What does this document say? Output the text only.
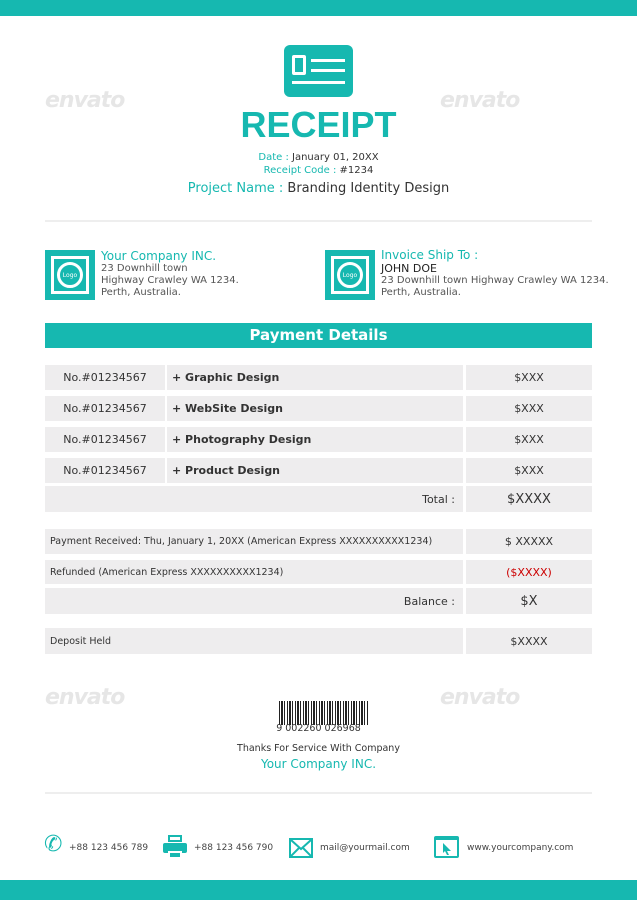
envato	envato
envato	envato
RECEIPT
Date : January 01, 20XX
Receipt Code : #1234
Project Name : Branding Identity Design
Logo
Your Company INC.
23 Downhill town
Highway Crawley WA 1234.
Perth, Australia.
Logo
Invoice Ship To :
JOHN DOE
23 Downhill town Highway Crawley WA 1234.
Perth, Australia.
Payment Details
No.#01234567	+ Graphic Design	$XXX
No.#01234567	+ WebSite Design	$XXX
No.#01234567	+ Photography Design	$XXX
No.#01234567	+ Product Design	$XXX
Total :	$XXXX
Payment Received: Thu, January 1, 20XX (American Express XXXXXXXXXX1234)	$ XXXXX
Refunded (American Express XXXXXXXXXX1234)	($XXXX)
Balance :	$X
Deposit Held	$XXXX
9 002260 026968
Thanks For Service With Company
Your Company INC.
✆ +88 123 456 789	+88 123 456 790	mail@yourmail.com	www.yourcompany.com
